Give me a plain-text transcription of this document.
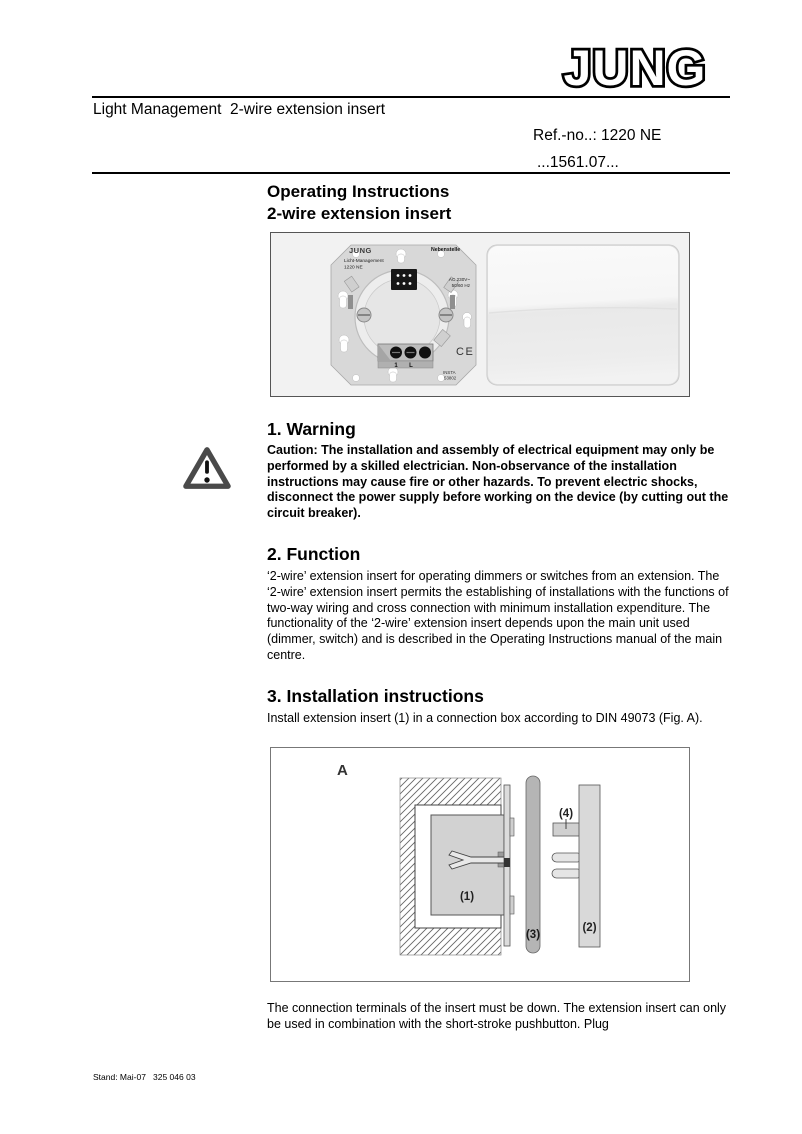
JUNG
Light Management  2-wire extension insert
Ref.-no..: 1220 NE
...1561.07...
Operating Instructions
2-wire extension insert
1 L
JUNG
Licht-Management
1220 NE
Nebenstelle
AC 230V~
50/60 Hz
CE
INSTA
53802
1. Warning
Caution: The installation and assembly of electrical equipment may only be performed by a skilled electrician. Non-observance of the installation instructions may cause fire or other hazards. To prevent electric shocks, disconnect the power supply before working on the device (by cutting out the circuit breaker).
2. Function
‘2-wire’ extension insert for operating dimmers or switches from an extension. The ‘2-wire’ extension insert permits the establishing of installations with the functions of two-way wiring and cross connection with minimum installation expenditure. The functionality of the ‘2-wire’ extension insert depends upon the main unit used (dimmer, switch) and is described in the Operating Instructions manual of the main centre.
3. Installation instructions
Install extension insert (1) in a connection box according to DIN 49073 (Fig. A).
(1)
(3)
(4)
(2)
A
The connection terminals of the insert must be down. The extension insert can only be used in combination with the short-stroke pushbutton. Plug
Stand: Mai-07   325 046 03
